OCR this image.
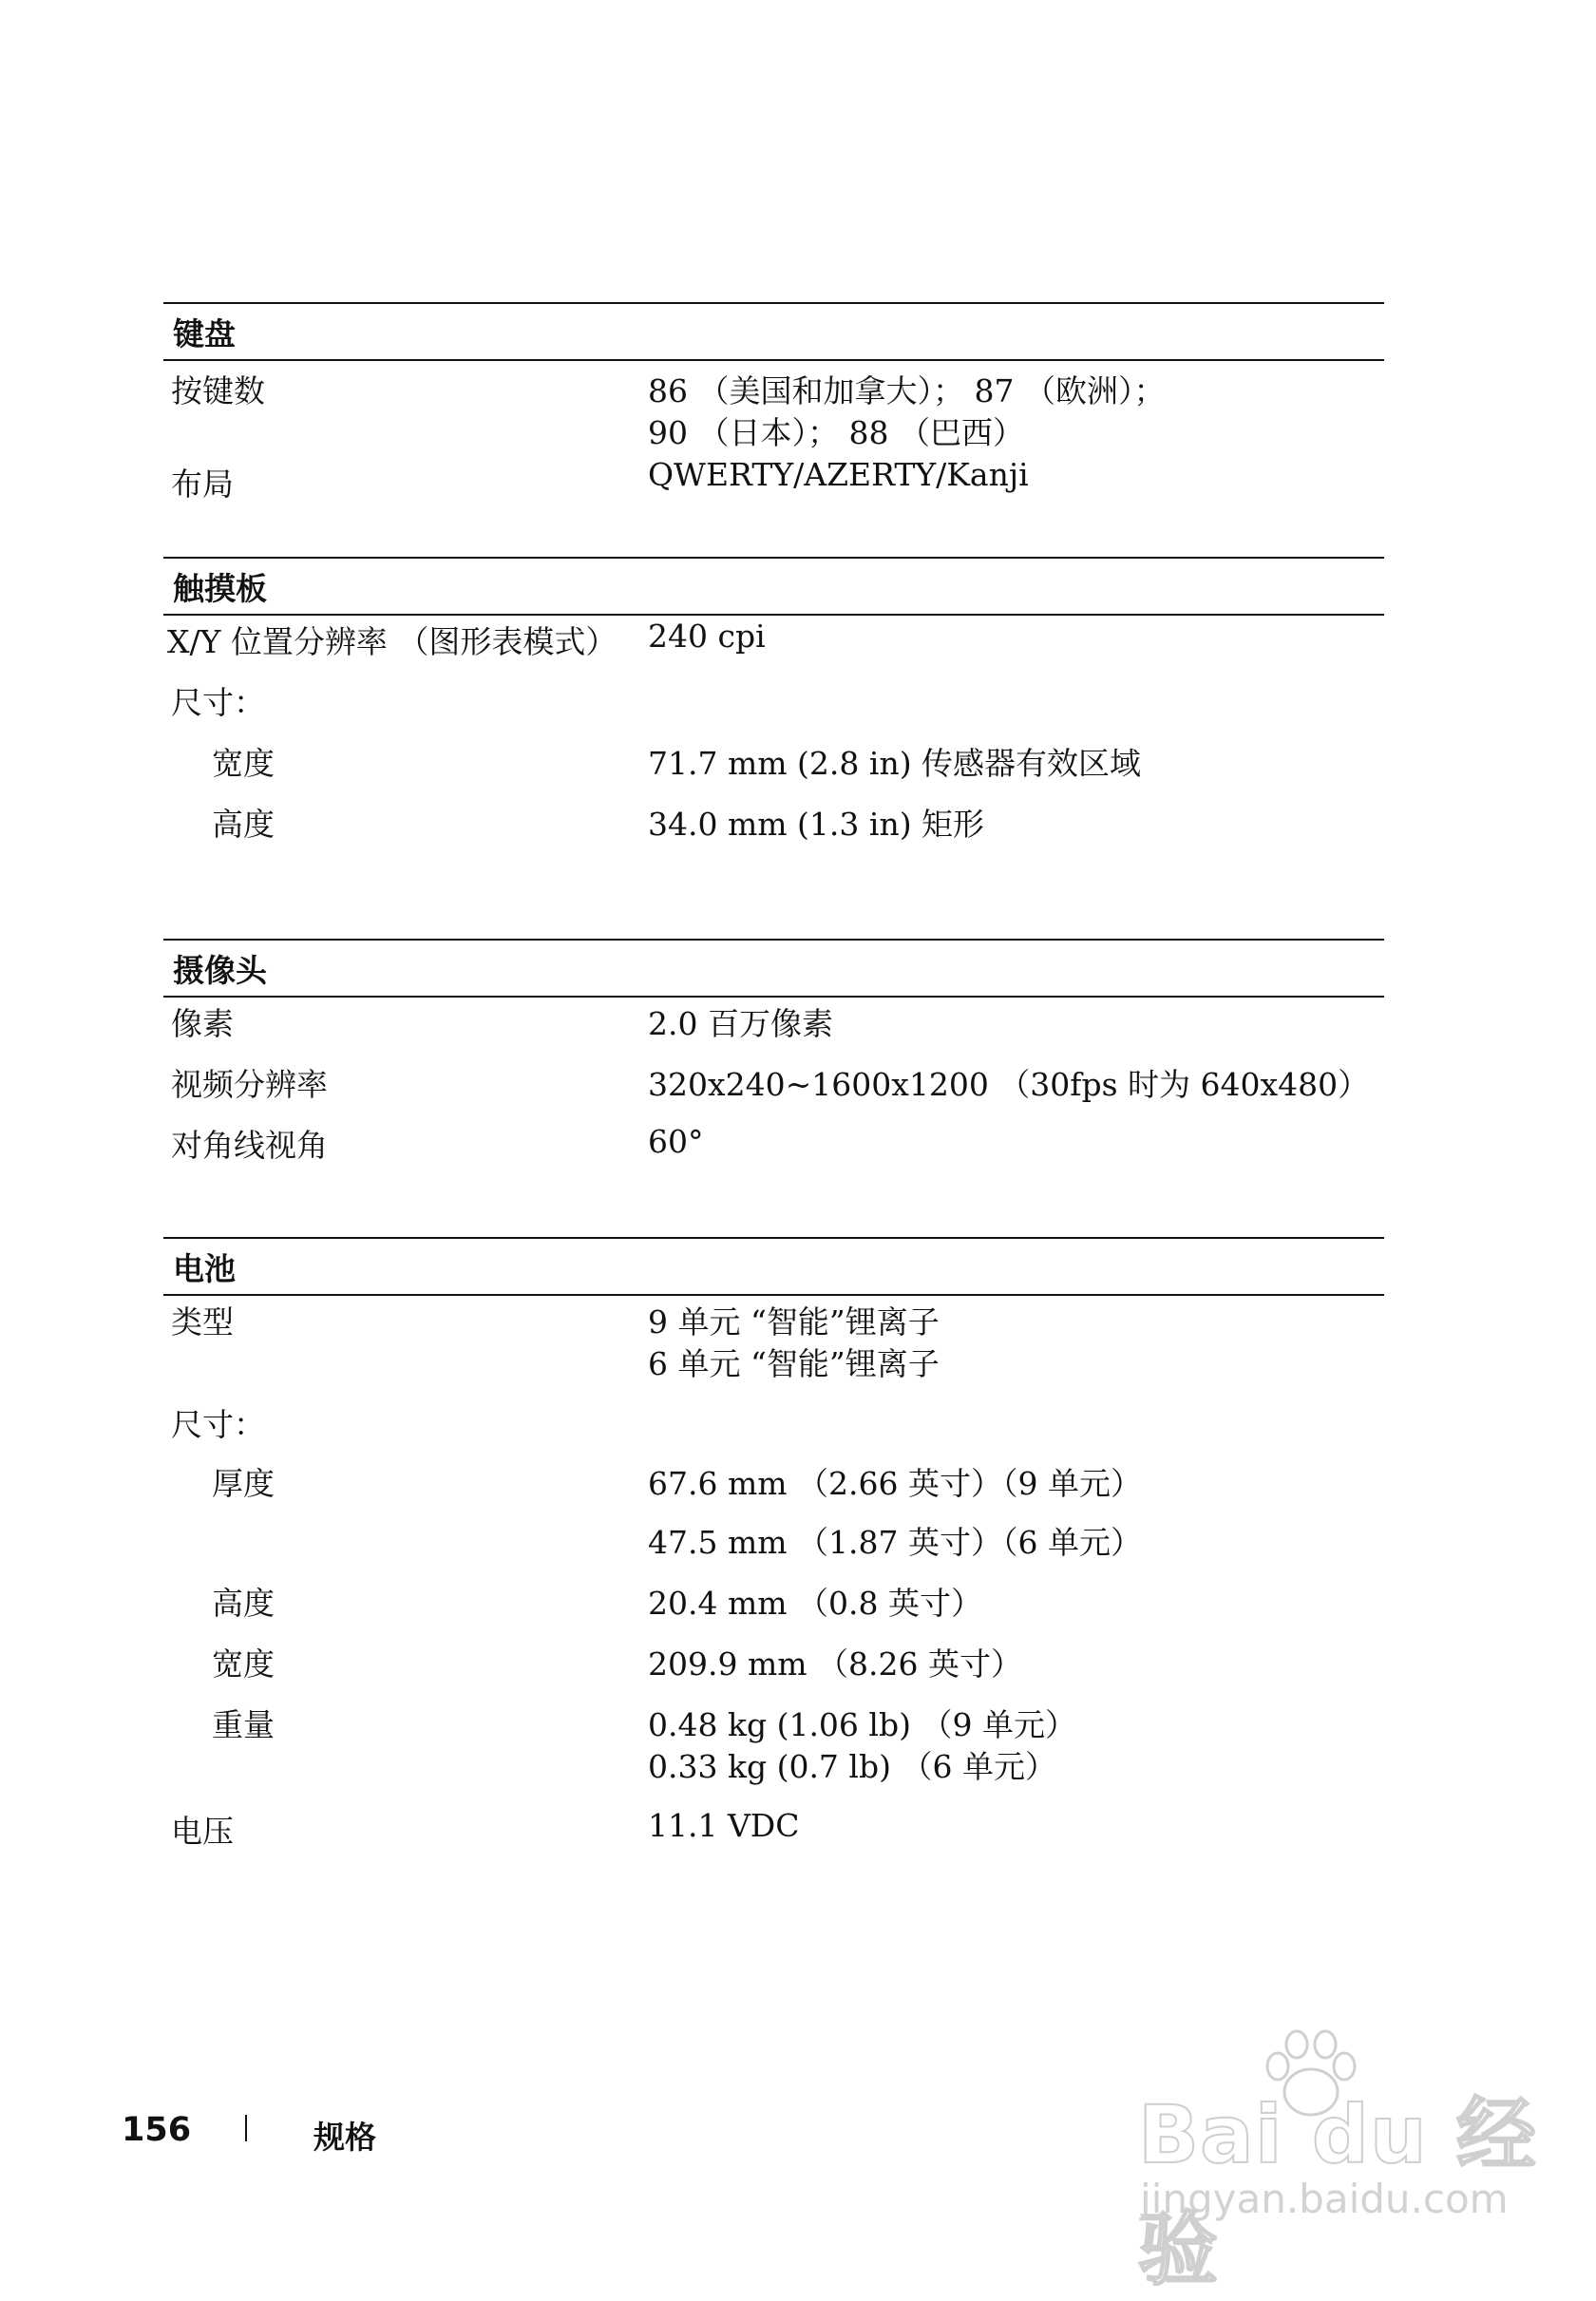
键盘
按键数	86 （美国和加拿大）； 87 （欧洲）；
90 （日本）； 88 （巴西）
布局	QWERTY/AZERTY/Kanji
触摸板
X/Y 位置分辨率 （图形表模式） 240 cpi
尺寸：
宽度	71.7 mm (2.8 in) 传感器有效区域
高度	34.0 mm (1.3 in) 矩形
摄像头
像素	2.0 百万像素
视频分辨率	320x240~1600x1200 （30fps 时为 640x480）
对角线视角	60°
电池
类型	9 单元 “智能”锂离子
6 单元 “智能”锂离子
尺寸：
厚度	67.6 mm （2.66 英寸）（9 单元）
47.5 mm （1.87 英寸）（6 单元）
高度	20.4 mm （0.8 英寸）
宽度	209.9 mm （8.26 英寸）
重量	0.48 kg (1.06 lb) （9 单元）
0.33 kg (0.7 lb) （6 单元）
电压	11.1 VDC
156	规格	Bai du 经验
jingyan.baidu.com
